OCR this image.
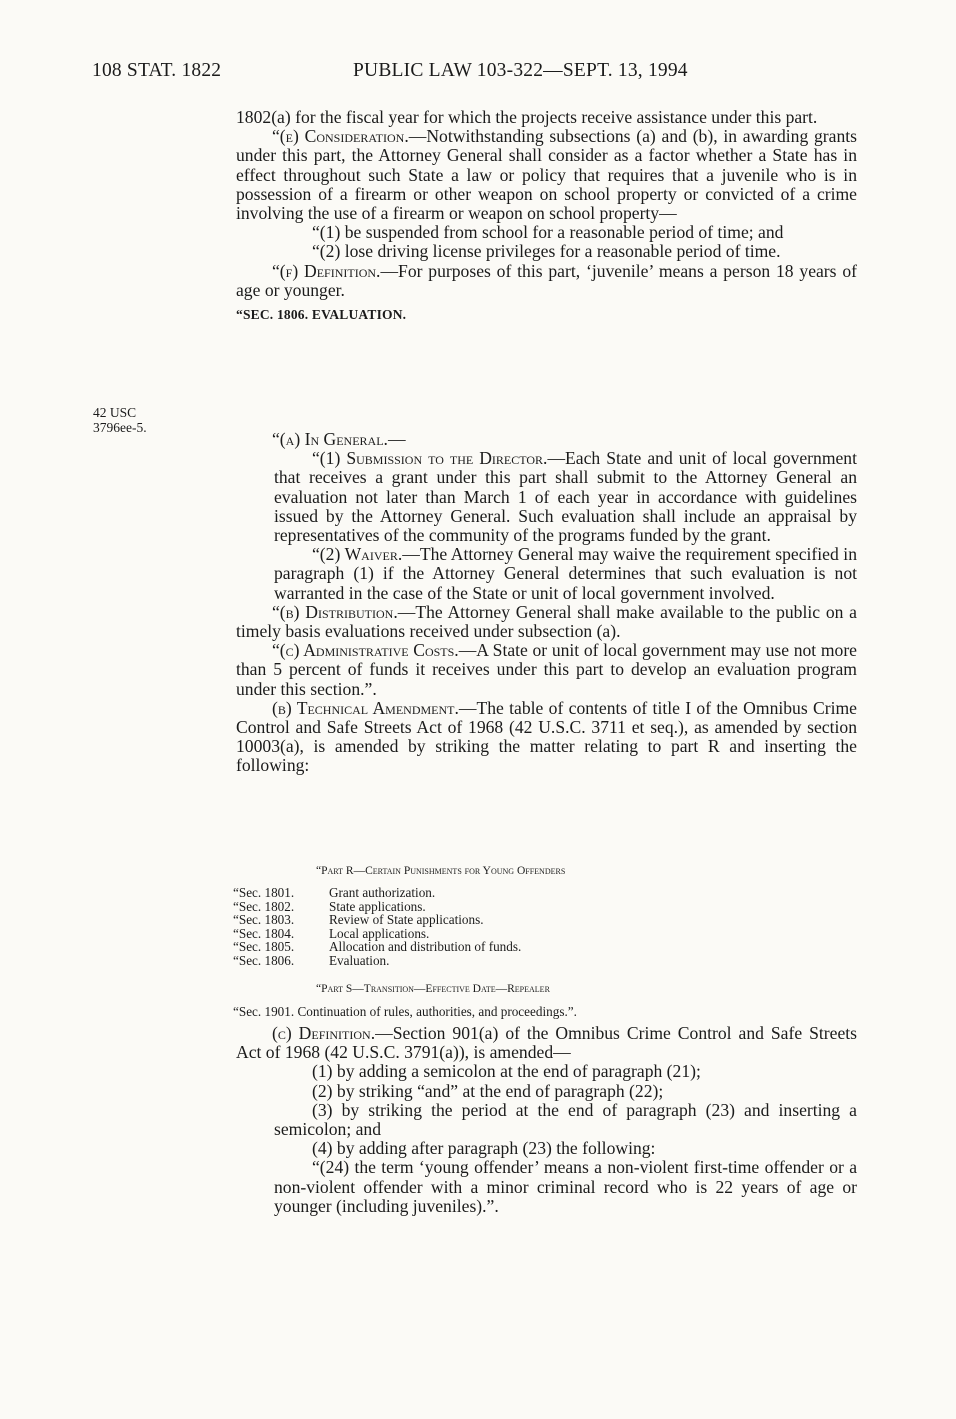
108 STAT. 1822	PUBLIC LAW 103-322—SEPT. 13, 1994
42 USC
3796ee-5.

1802(a) for the fiscal year for which the projects receive assistance under this part.

“(e) Consideration.—Notwithstanding subsections (a) and (b), in awarding grants under this part, the Attorney General shall consider as a factor whether a State has in effect throughout such State a law or policy that requires that a juvenile who is in possession of a firearm or other weapon on school property or convicted of a crime involving the use of a firearm or weapon on school property—

“(1) be suspended from school for a reasonable period of time; and

“(2) lose driving license privileges for a reasonable period of time.

“(f) Definition.—For purposes of this part, ‘juvenile’ means a person 18 years of age or younger.

“SEC. 1806. EVALUATION.

“(a) In General.—

“(1) Submission to the Director.—Each State and unit of local government that receives a grant under this part shall submit to the Attorney General an evaluation not later than March 1 of each year in accordance with guidelines issued by the Attorney General. Such evaluation shall include an appraisal by representatives of the community of the programs funded by the grant.

“(2) Waiver.—The Attorney General may waive the requirement specified in paragraph (1) if the Attorney General determines that such evaluation is not warranted in the case of the State or unit of local government involved.

“(b) Distribution.—The Attorney General shall make available to the public on a timely basis evaluations received under subsection (a).

“(c) Administrative Costs.—A State or unit of local government may use not more than 5 percent of funds it receives under this part to develop an evaluation program under this section.”.

(b) Technical Amendment.—The table of contents of title I of the Omnibus Crime Control and Safe Streets Act of 1968 (42 U.S.C. 3711 et seq.), as amended by section 10003(a), is amended by striking the matter relating to part R and inserting the following:

“Part R—Certain Punishments for Young Offenders
“Sec. 1801.	Grant authorization.
“Sec. 1802.	State applications.
“Sec. 1803.	Review of State applications.
“Sec. 1804.	Local applications.
“Sec. 1805.	Allocation and distribution of funds.
“Sec. 1806.	Evaluation.
“Part S—Transition—Effective Date—Repealer
“Sec. 1901. Continuation of rules, authorities, and proceedings.”.

(c) Definition.—Section 901(a) of the Omnibus Crime Control and Safe Streets Act of 1968 (42 U.S.C. 3791(a)), is amended—

(1) by adding a semicolon at the end of paragraph (21);

(2) by striking “and” at the end of paragraph (22);

(3) by striking the period at the end of paragraph (23) and inserting a semicolon; and

(4) by adding after paragraph (23) the following:

“(24) the term ‘young offender’ means a non-violent first-time offender or a non-violent offender with a minor criminal record who is 22 years of age or younger (including juveniles).”.
